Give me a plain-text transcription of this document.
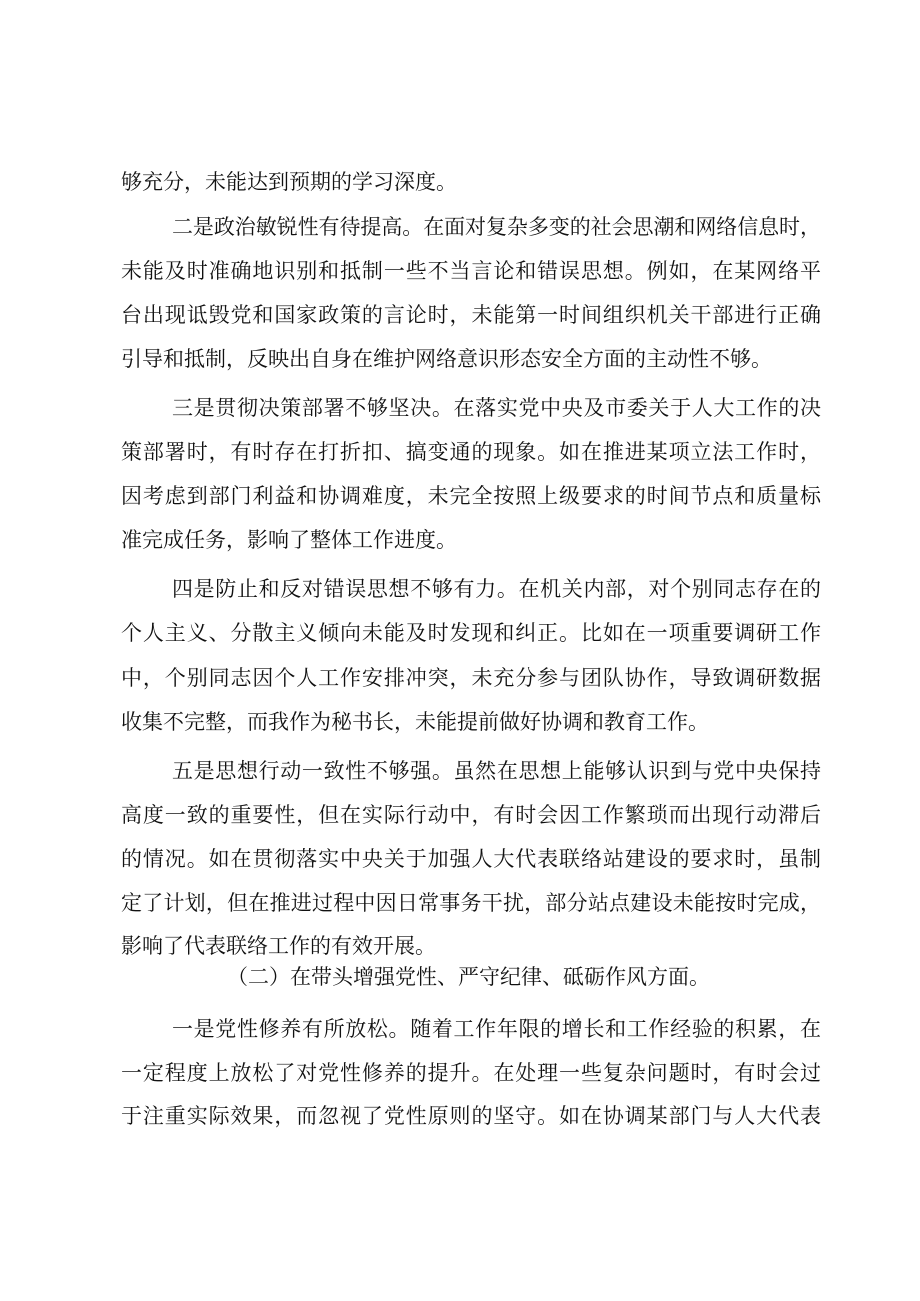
够充分，未能达到预期的学习深度。
二是政治敏锐性有待提高。在面对复杂多变的社会思潮和网络信息时，
未能及时准确地识别和抵制一些不当言论和错误思想。例如，在某网络平
台出现诋毁党和国家政策的言论时，未能第一时间组织机关干部进行正确
引导和抵制，反映出自身在维护网络意识形态安全方面的主动性不够。
三是贯彻决策部署不够坚决。在落实党中央及市委关于人大工作的决
策部署时，有时存在打折扣、搞变通的现象。如在推进某项立法工作时，
因考虑到部门利益和协调难度，未完全按照上级要求的时间节点和质量标
准完成任务，影响了整体工作进度。
四是防止和反对错误思想不够有力。在机关内部，对个别同志存在的
个人主义、分散主义倾向未能及时发现和纠正。比如在一项重要调研工作
中，个别同志因个人工作安排冲突，未充分参与团队协作，导致调研数据
收集不完整，而我作为秘书长，未能提前做好协调和教育工作。
五是思想行动一致性不够强。虽然在思想上能够认识到与党中央保持
高度一致的重要性，但在实际行动中，有时会因工作繁琐而出现行动滞后
的情况。如在贯彻落实中央关于加强人大代表联络站建设的要求时，虽制
定了计划，但在推进过程中因日常事务干扰，部分站点建设未能按时完成，
影响了代表联络工作的有效开展。
（二）在带头增强党性、严守纪律、砥砺作风方面。
一是党性修养有所放松。随着工作年限的增长和工作经验的积累，在
一定程度上放松了对党性修养的提升。在处理一些复杂问题时，有时会过
于注重实际效果，而忽视了党性原则的坚守。如在协调某部门与人大代表
